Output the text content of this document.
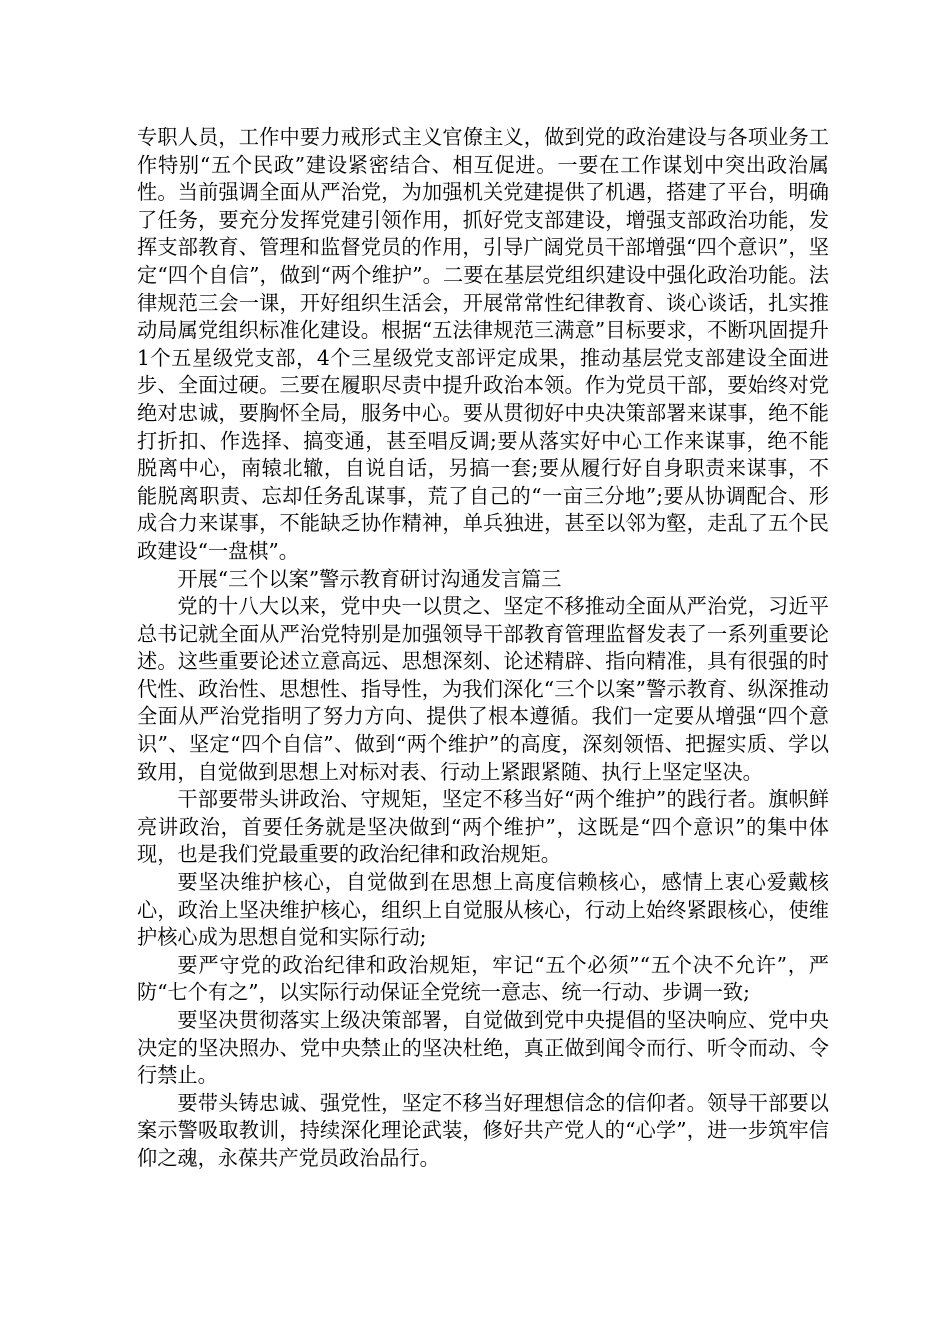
专职人员，工作中要力戒形式主义官僚主义，做到党的政治建设与各项业务工作特别“五个民政”建设紧密结合、相互促进。一要在工作谋划中突出政治属性。当前强调全面从严治党，为加强机关党建提供了机遇，搭建了平台，明确了任务，要充分发挥党建引领作用，抓好党支部建设，增强支部政治功能，发挥支部教育、管理和监督党员的作用，引导广阔党员干部增强“四个意识”，坚定“四个自信”，做到“两个维护”。二要在基层党组织建设中强化政治功能。法律规范三会一课，开好组织生活会，开展常常性纪律教育、谈心谈话，扎实推动局属党组织标准化建设。根据“五法律规范三满意”目标要求，不断巩固提升1个五星级党支部，4个三星级党支部评定成果，推动基层党支部建设全面进步、全面过硬。三要在履职尽责中提升政治本领。作为党员干部，要始终对党绝对忠诚，要胸怀全局，服务中心。要从贯彻好中央决策部署来谋事，绝不能打折扣、作选择、搞变通，甚至唱反调;要从落实好中心工作来谋事，绝不能脱离中心，南辕北辙，自说自话，另搞一套;要从履行好自身职责来谋事，不能脱离职责、忘却任务乱谋事，荒了自己的“一亩三分地”;要从协调配合、形成合力来谋事，不能缺乏协作精神，单兵独进，甚至以邻为壑，走乱了五个民政建设“一盘棋”。

开展“三个以案”警示教育研讨沟通发言篇三

党的十八大以来，党中央一以贯之、坚定不移推动全面从严治党，习近平总书记就全面从严治党特别是加强领导干部教育管理监督发表了一系列重要论述。这些重要论述立意高远、思想深刻、论述精辟、指向精准，具有很强的时代性、政治性、思想性、指导性，为我们深化“三个以案”警示教育、纵深推动全面从严治党指明了努力方向、提供了根本遵循。我们一定要从增强“四个意识”、坚定“四个自信”、做到“两个维护”的高度，深刻领悟、把握实质、学以致用，自觉做到思想上对标对表、行动上紧跟紧随、执行上坚定坚决。

干部要带头讲政治、守规矩，坚定不移当好“两个维护”的践行者。旗帜鲜亮讲政治，首要任务就是坚决做到“两个维护”，这既是“四个意识”的集中体现，也是我们党最重要的政治纪律和政治规矩。

要坚决维护核心，自觉做到在思想上高度信赖核心，感情上衷心爱戴核心，政治上坚决维护核心，组织上自觉服从核心，行动上始终紧跟核心，使维护核心成为思想自觉和实际行动;

要严守党的政治纪律和政治规矩，牢记“五个必须”“五个决不允许”，严防“七个有之”，以实际行动保证全党统一意志、统一行动、步调一致;

要坚决贯彻落实上级决策部署，自觉做到党中央提倡的坚决响应、党中央决定的坚决照办、党中央禁止的坚决杜绝，真正做到闻令而行、听令而动、令行禁止。

要带头铸忠诚、强党性，坚定不移当好理想信念的信仰者。领导干部要以案示警吸取教训，持续深化理论武装，修好共产党人的“心学”，进一步筑牢信仰之魂，永葆共产党员政治品行。
